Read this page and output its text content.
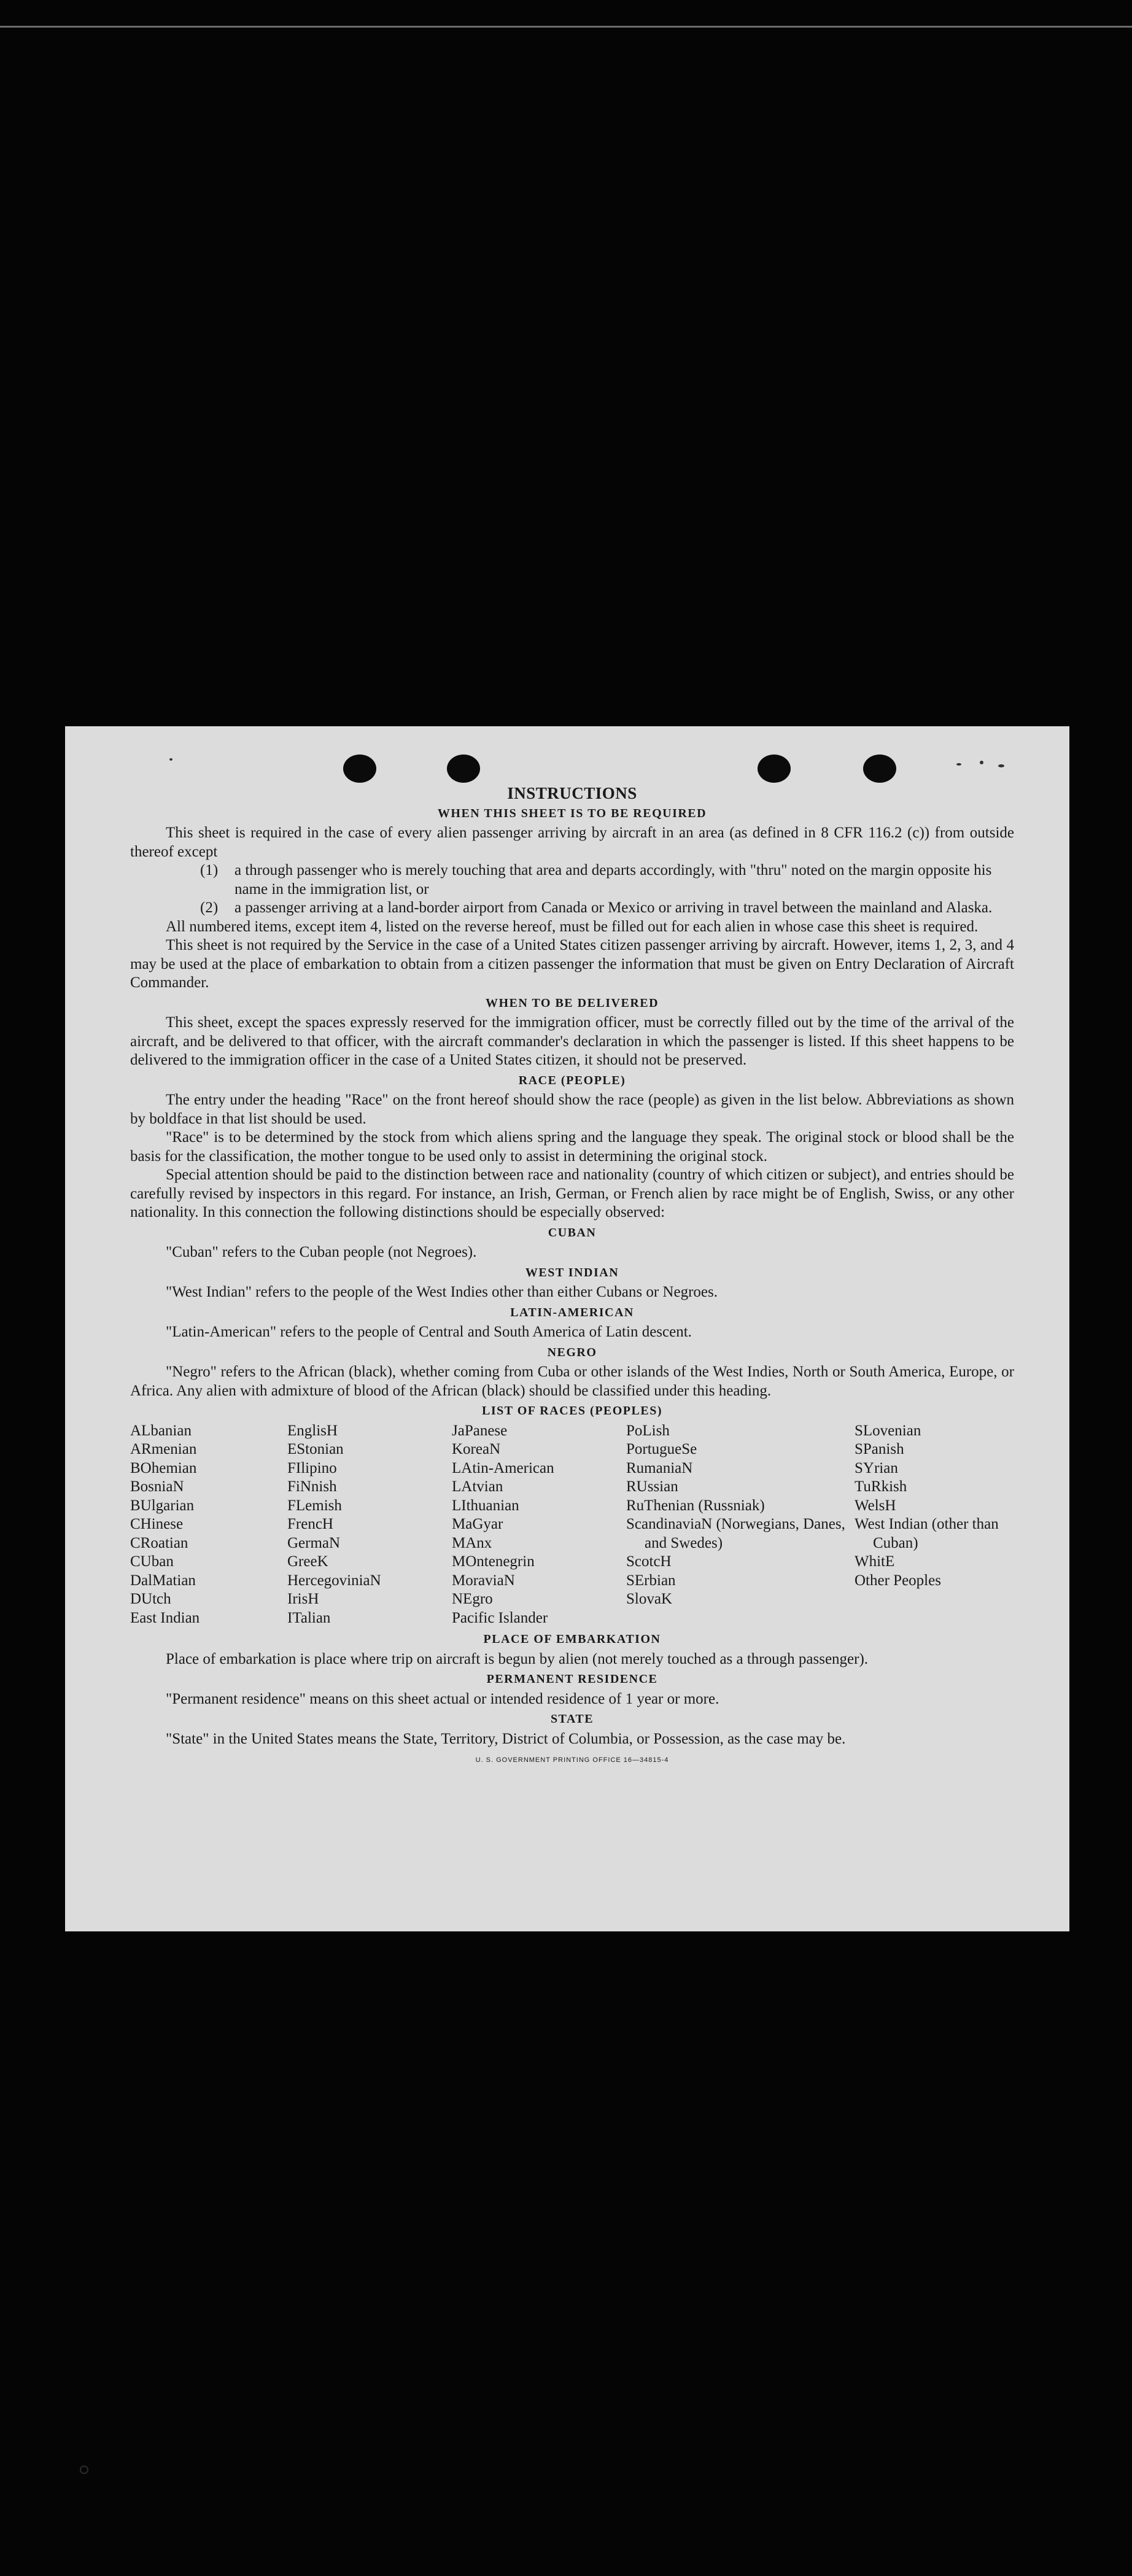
INSTRUCTIONS
WHEN THIS SHEET IS TO BE REQUIRED

This sheet is required in the case of every alien passenger arriving by aircraft in an area (as defined in 8 CFR 116.2 (c)) from outside thereof except

(1)	a through passenger who is merely touching that area and departs accordingly, with "thru" noted on the margin opposite his name in the immigration list, or
(2)	a passenger arriving at a land-border airport from Canada or Mexico or arriving in travel between the mainland and Alaska.

All numbered items, except item 4, listed on the reverse hereof, must be filled out for each alien in whose case this sheet is required.

This sheet is not required by the Service in the case of a United States citizen passenger arriving by aircraft. However, items 1, 2, 3, and 4 may be used at the place of embarkation to obtain from a citizen passenger the information that must be given on Entry Declaration of Aircraft Commander.

WHEN TO BE DELIVERED

This sheet, except the spaces expressly reserved for the immigration officer, must be correctly filled out by the time of the arrival of the aircraft, and be delivered to that officer, with the aircraft commander's declaration in which the passenger is listed. If this sheet happens to be delivered to the immigration officer in the case of a United States citizen, it should not be preserved.

RACE (PEOPLE)

The entry under the heading "Race" on the front hereof should show the race (people) as given in the list below. Abbreviations as shown by boldface in that list should be used.

"Race" is to be determined by the stock from which aliens spring and the language they speak. The original stock or blood shall be the basis for the classification, the mother tongue to be used only to assist in determining the original stock.

Special attention should be paid to the distinction between race and nationality (country of which citizen or subject), and entries should be carefully revised by inspectors in this regard. For instance, an Irish, German, or French alien by race might be of English, Swiss, or any other nationality. In this connection the following distinctions should be especially observed:

CUBAN

"Cuban" refers to the Cuban people (not Negroes).

WEST INDIAN

"West Indian" refers to the people of the West Indies other than either Cubans or Negroes.

LATIN-AMERICAN

"Latin-American" refers to the people of Central and South America of Latin descent.

NEGRO

"Negro" refers to the African (black), whether coming from Cuba or other islands of the West Indies, North or South America, Europe, or Africa. Any alien with admixture of blood of the African (black) should be classified under this heading.

LIST OF RACES (PEOPLES)
ALbanian
ARmenian
BOhemian
BosniaN
BUlgarian
CHinese
CRoatian
CUban
DalMatian
DUtch
East Indian
EnglisH
EStonian
FIlipino
FiNnish
FLemish
FrencH
GermaN
GreeK
HercegoviniaN
IrisH
ITalian
JaPanese
KoreaN
LAtin-American
LAtvian
LIthuanian
MaGyar
MAnx
MOntenegrin
MoraviaN
NEgro
Pacific Islander
PoLish
PortugueSe
RumaniaN
RUssian
RuThenian (Russniak)
ScandinaviaN (Norwegians, Danes, and Swedes)
ScotcH
SErbian
SlovaK
SLovenian
SPanish
SYrian
TuRkish
WelsH
West Indian (other than Cuban)
WhitE
Other Peoples
PLACE OF EMBARKATION

Place of embarkation is place where trip on aircraft is begun by alien (not merely touched as a through passenger).

PERMANENT RESIDENCE

"Permanent residence" means on this sheet actual or intended residence of 1 year or more.

STATE

"State" in the United States means the State, Territory, District of Columbia, or Possession, as the case may be.

U. S. GOVERNMENT PRINTING OFFICE 16—34815-4
